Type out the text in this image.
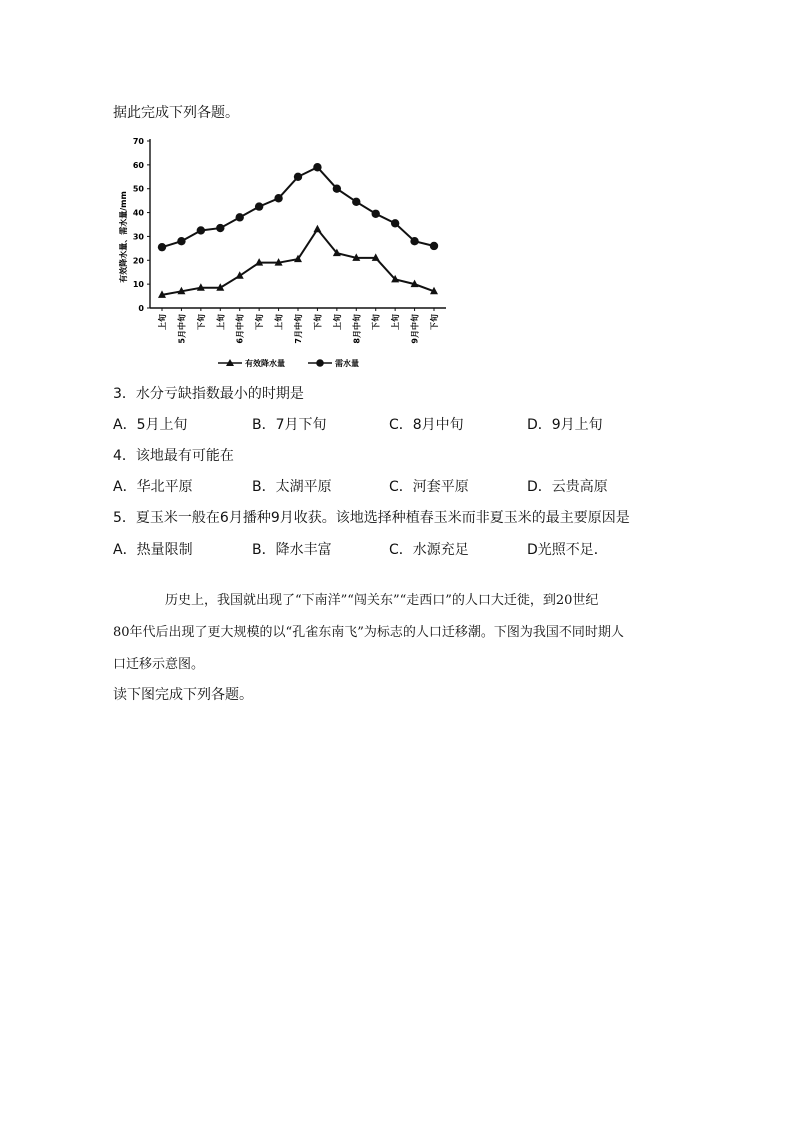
据此完成下列各题。
有效降水量、需水量/mm
0
10
20
30
40
50
60
70
上旬 5月中旬 下旬 上旬 6月中旬 下旬 上旬 7月中旬 下旬 上旬 8月中旬 下旬 上旬 9月中旬 下旬
有效降水量	需水量
3．水分亏缺指数最小的时期是
A．5月上旬	B．7月下旬	C．8月中旬	D．9月上旬
4．该地最有可能在
A．华北平原	B．太湖平原	C．河套平原	D．云贵高原
5．夏玉米一般在6月播种9月收获。该地选择种植春玉米而非夏玉米的最主要原因是
A．热量限制	B．降水丰富	C．水源充足	D光照不足．

历史上，我国就出现了“下南洋”“闯关东”“走西口”的人口大迁徙，到20世纪

80年代后出现了更大规模的以“孔雀东南飞”为标志的人口迁移潮。下图为我国不同时期人

口迁移示意图。

读下图完成下列各题。
